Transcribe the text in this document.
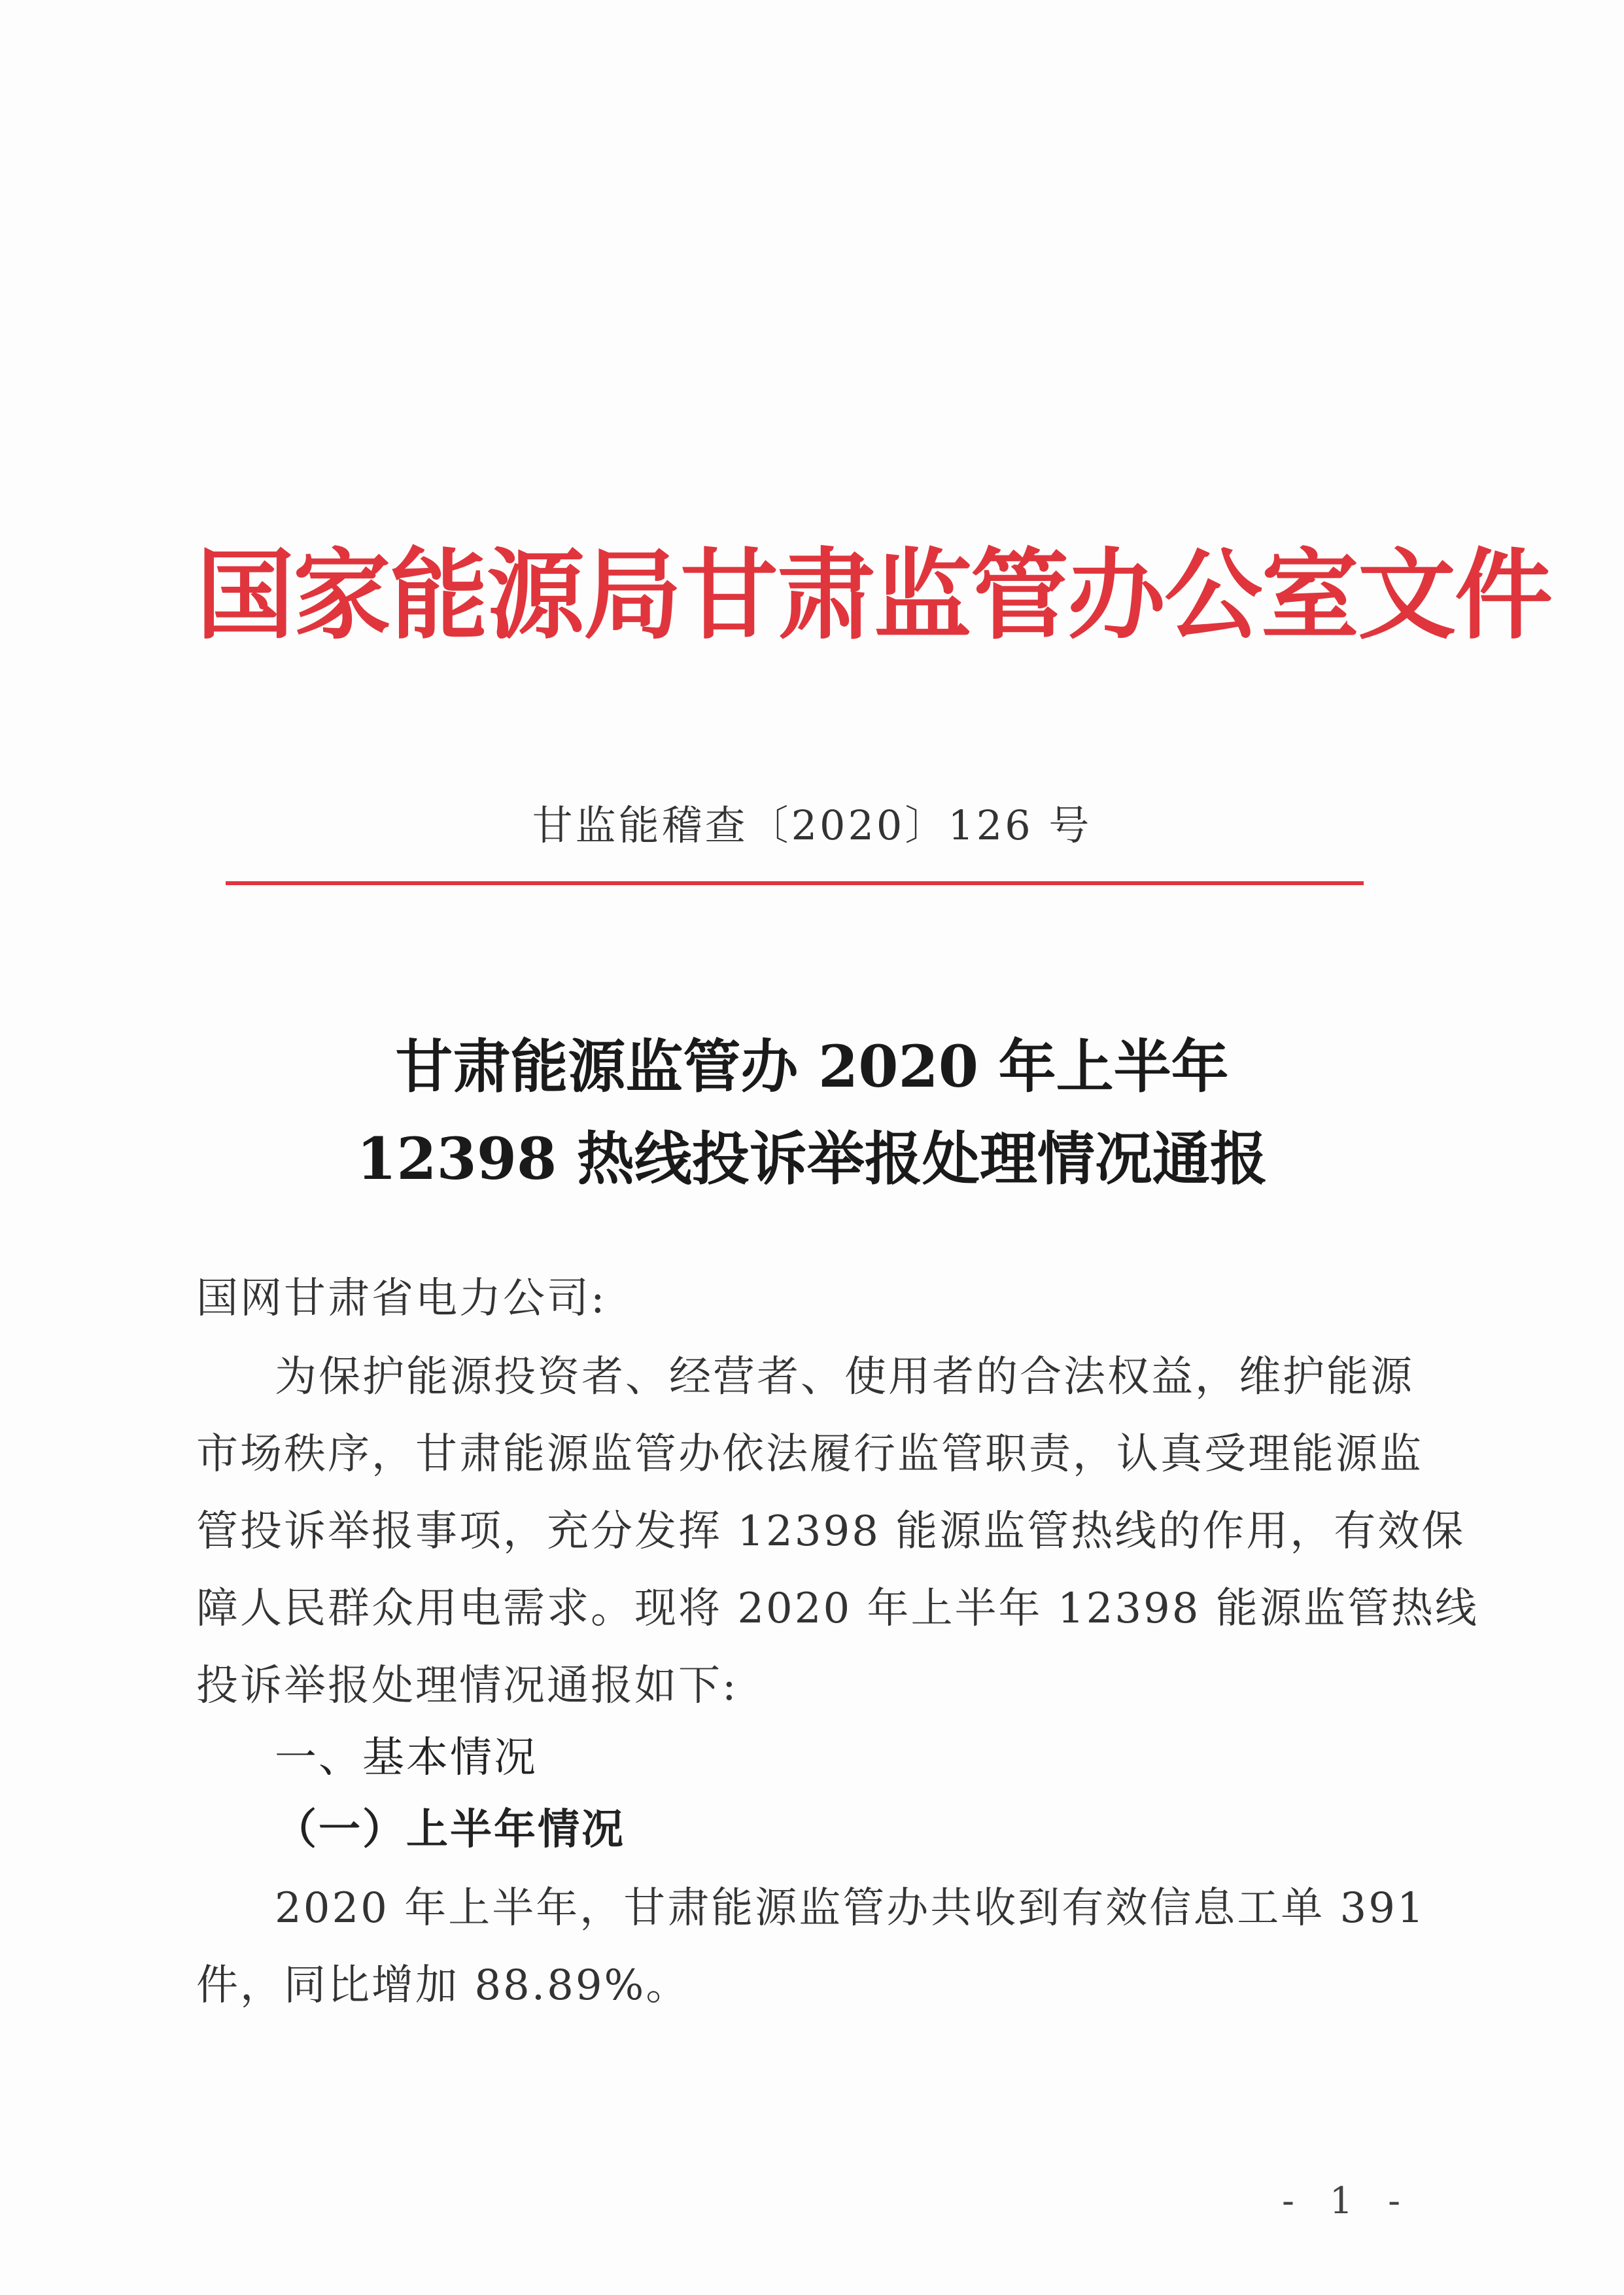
国家能源局甘肃监管办公室文件
甘监能稽查〔2020〕126 号
甘肃能源监管办 2020 年上半年
12398 热线投诉举报处理情况通报
国网甘肃省电力公司:
为保护能源投资者、经营者、使用者的合法权益，维护能源
市场秩序，甘肃能源监管办依法履行监管职责，认真受理能源监
管投诉举报事项，充分发挥 12398 能源监管热线的作用，有效保
障人民群众用电需求。现将 2020 年上半年 12398 能源监管热线
投诉举报处理情况通报如下:
一、基本情况
（一）上半年情况
2020 年上半年，甘肃能源监管办共收到有效信息工单 391
件，同比增加 88.89%。
- 1 -
